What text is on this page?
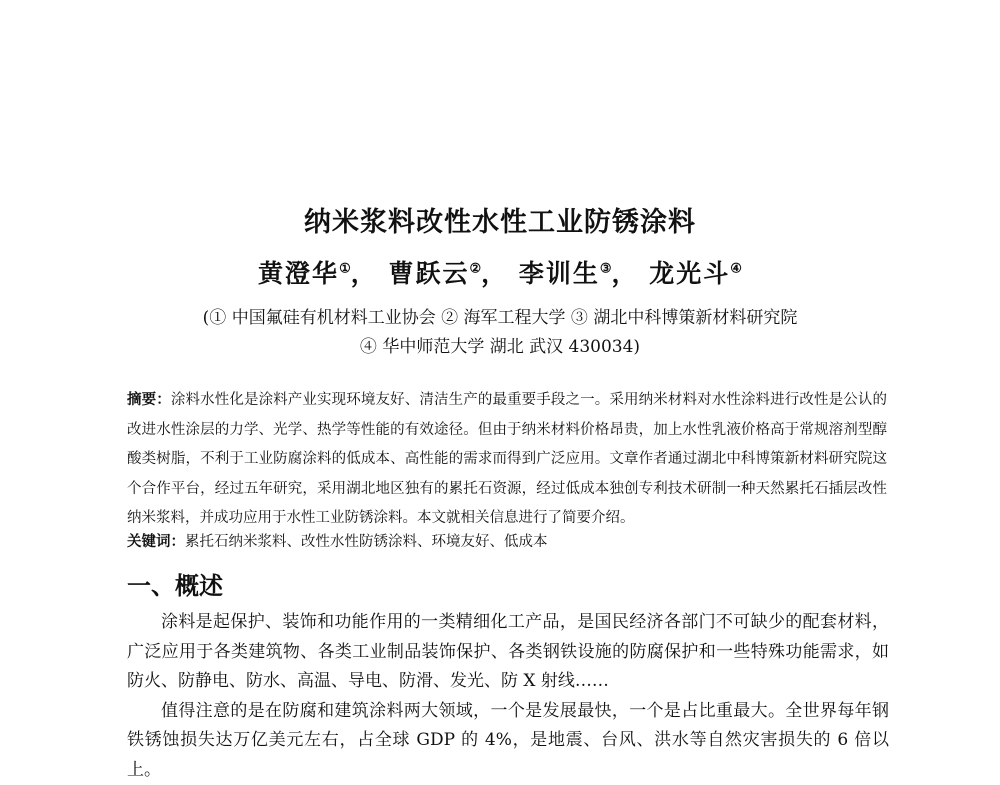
纳米浆料改性水性工业防锈涂料
黄澄华①， 曹跃云②， 李训生③， 龙光斗④
(① 中国氟硅有机材料工业协会 ② 海军工程大学 ③ 湖北中科博策新材料研究院
④ 华中师范大学 湖北 武汉 430034)
摘要：涂料水性化是涂料产业实现环境友好、清洁生产的最重要手段之一。采用纳米材料对水性涂料进行改性是公认的改进水性涂层的力学、光学、热学等性能的有效途径。但由于纳米材料价格昂贵，加上水性乳液价格高于常规溶剂型醇酸类树脂，不利于工业防腐涂料的低成本、高性能的需求而得到广泛应用。文章作者通过湖北中科博策新材料研究院这个合作平台，经过五年研究，采用湖北地区独有的累托石资源，经过低成本独创专利技术研制一种天然累托石插层改性纳米浆料，并成功应用于水性工业防锈涂料。本文就相关信息进行了简要介绍。
关键词：累托石纳米浆料、改性水性防锈涂料、环境友好、低成本
一、概述

涂料是起保护、装饰和功能作用的一类精细化工产品，是国民经济各部门不可缺少的配套材料，广泛应用于各类建筑物、各类工业制品装饰保护、各类钢铁设施的防腐保护和一些特殊功能需求，如防火、防静电、防水、高温、导电、防滑、发光、防 X 射线……

值得注意的是在防腐和建筑涂料两大领域，一个是发展最快，一个是占比重最大。全世界每年钢铁锈蚀损失达万亿美元左右，占全球 GDP 的 4%，是地震、台风、洪水等自然灾害损失的 6 倍以上。
